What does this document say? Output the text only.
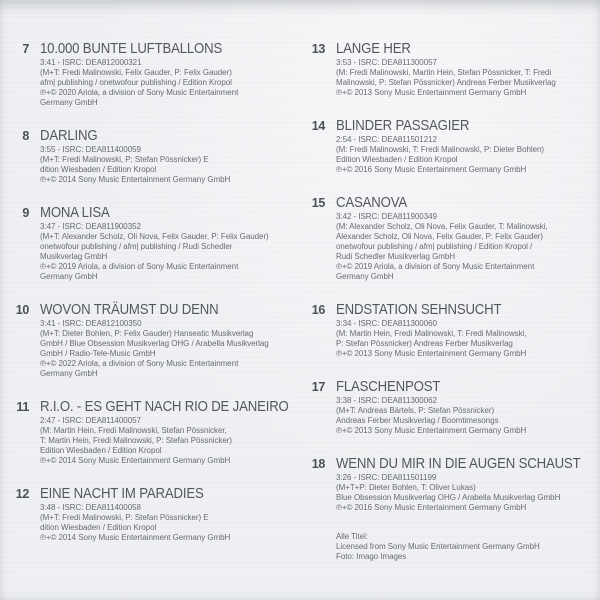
7 10.000 BUNTE LUFTBALLONS
3:41 - ISRC: DEA812000321
(M+T: Fredi Malinowski, Felix Gauder, P: Felix Gauder)
afm| publishing / onetwofour publishing / Edition Kropol
℗+© 2020 Ariola, a division of Sony Music Entertainment
Germany GmbH
8 DARLING
3:55 - ISRC: DEA811400059
(M+T: Fredi Malinowski, P: Stefan Pössnicker) E
dition Wiesbaden / Edition Kropol
℗+© 2014 Sony Music Entertainment Germany GmbH
9 MONA LISA
3:47 - ISRC: DEA811900352
(M+T: Alexander Scholz, Oli Nova, Felix Gauder, P: Felix Gauder)
onetwofour publishing / afm| publishing / Rudi Schedler
Musikverlag GmbH
℗+© 2019 Ariola, a division of Sony Music Entertainment
Germany GmbH
10 WOVON TRÄUMST DU DENN
3:41 - ISRC: DEA812100350
(M+T: Dieter Bohlen, P: Felix Gauder) Hanseatic Musikverlag
GmbH / Blue Obsession Musikverlag OHG / Arabella Musikverlag
GmbH / Radio-Tele-Music GmbH
℗+© 2022 Ariola, a division of Sony Music Entertainment
Germany GmbH
11 R.I.O. - ES GEHT NACH RIO DE JANEIRO
2:47 - ISRC: DEA811400057
(M: Martin Hein, Fredi Malinowski, Stefan Pössnicker,
T: Martin Hein, Fredi Malinowski, P: Stefan Pössnicker)
Edition Wiesbaden / Edition Kropol
℗+© 2014 Sony Music Entertainment Germany GmbH
12 EINE NACHT IM PARADIES
3:48 - ISRC: DEA811400058
(M+T: Fredi Malinowski, P: Stefan Pössnicker) E
dition Wiesbaden / Edition Kropol
℗+© 2014 Sony Music Entertainment Germany GmbH
13 LANGE HER
3:53 - ISRC: DEA811300057
(M: Fredi Malinowski, Martin Hein, Stefan Pössnicker, T: Fredi
Malinowski, P: Stefan Pössnicker) Andreas Ferber Musikverlag
℗+© 2013 Sony Music Entertainment Germany GmbH
14 BLINDER PASSAGIER
2:54 - ISRC: DEA811501212
(M: Fredi Malinowski, T: Fredi Malinowski, P: Dieter Bohlen)
Edition Wiesbaden / Edition Kropol
℗+© 2016 Sony Music Entertainment Germany GmbH
15 CASANOVA
3:42 - ISRC: DEA811900349
(M: Alexander Scholz, Oli Nova, Felix Gauder, T: Malinowski,
Alexander Scholz, Oli Nova, Felix Gauder, P: Felix Gauder)
onetwofour publishing / afm| publishing / Edition Kropol /
Rudi Schedler Musikverlag GmbH
℗+© 2019 Ariola, a division of Sony Music Entertainment
Germany GmbH
16 ENDSTATION SEHNSUCHT
3:34 - ISRC: DEA811300060
(M: Martin Hein, Fredi Malinowski, T: Fredi Malinowski,
P: Stefan Pössnicker) Andreas Ferber Musikverlag
℗+© 2013 Sony Music Entertainment Germany GmbH
17 FLASCHENPOST
3:38 - ISRC: DEA811300062
(M+T: Andreas Bärtels, P: Stefan Pössnicker)
Andreas Ferber Musikverlag / Boomtimesongs
℗+© 2013 Sony Music Entertainment Germany GmbH
18 WENN DU MIR IN DIE AUGEN SCHAUST
3:26 - ISRC: DEA811501199
(M+T+P: Dieter Bohlen, T: Oliver Lukas)
Blue Obsession Musikverlag OHG / Arabella Musikverlag GmbH
℗+© 2016 Sony Music Entertainment Germany GmbH
Alle Titel:
Licensed from Sony Music Entertainment Germany GmbH
Foto: Imago Images
